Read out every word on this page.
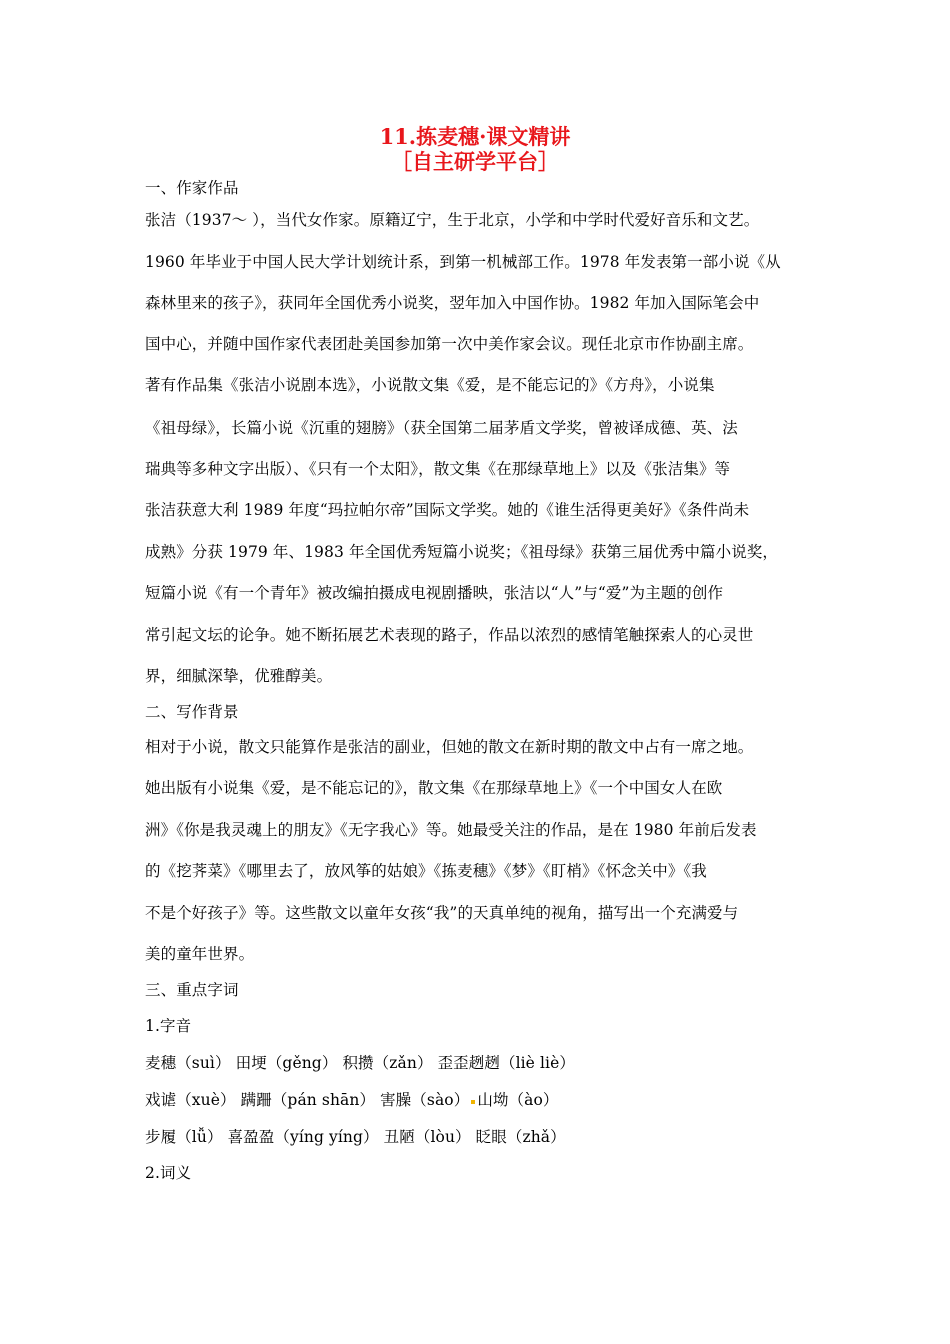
11.拣麦穗·课文精讲
［自主研学平台］
一、作家作品
张洁（1937～ ），当代女作家。原籍辽宁，生于北京，小学和中学时代爱好音乐和文艺。
1960 年毕业于中国人民大学计划统计系，到第一机械部工作。1978 年发表第一部小说《从
森林里来的孩子》，获同年全国优秀小说奖，翌年加入中国作协。1982 年加入国际笔会中
国中心，并随中国作家代表团赴美国参加第一次中美作家会议。现任北京市作协副主席。
著有作品集《张洁小说剧本选》，小说散文集《爱，是不能忘记的》《方舟》，小说集
《祖母绿》，长篇小说《沉重的翅膀》（获全国第二届茅盾文学奖，曾被译成德、英、法
瑞典等多种文字出版）、《只有一个太阳》，散文集《在那绿草地上》以及《张洁集》等
张洁获意大利 1989 年度“玛拉帕尔帝”国际文学奖。她的《谁生活得更美好》《条件尚未
成熟》分获 1979 年、1983 年全国优秀短篇小说奖；《祖母绿》获第三届优秀中篇小说奖，
短篇小说《有一个青年》被改编拍摄成电视剧播映，张洁以“人”与“爱”为主题的创作
常引起文坛的论争。她不断拓展艺术表现的路子，作品以浓烈的感情笔触探索人的心灵世
界，细腻深挚，优雅醇美。
二、写作背景
相对于小说，散文只能算作是张洁的副业，但她的散文在新时期的散文中占有一席之地。
她出版有小说集《爱，是不能忘记的》，散文集《在那绿草地上》《一个中国女人在欧
洲》《你是我灵魂上的朋友》《无字我心》等。她最受关注的作品，是在 1980 年前后发表
的《挖荠菜》《哪里去了，放风筝的姑娘》《拣麦穗》《梦》《盯梢》《怀念关中》《我
不是个好孩子》等。这些散文以童年女孩“我”的天真单纯的视角，描写出一个充满爱与
美的童年世界。
三、重点字词
1.字音
麦穗（suì） 田埂（gěng） 积攒（zǎn） 歪歪趔趔（liè liè）
戏谑（xuè） 蹒跚（pán shān） 害臊（sào） 山坳（ào）
步履（lǚ） 喜盈盈（yíng yíng） 丑陋（lòu） 眨眼（zhǎ）
2.词义
